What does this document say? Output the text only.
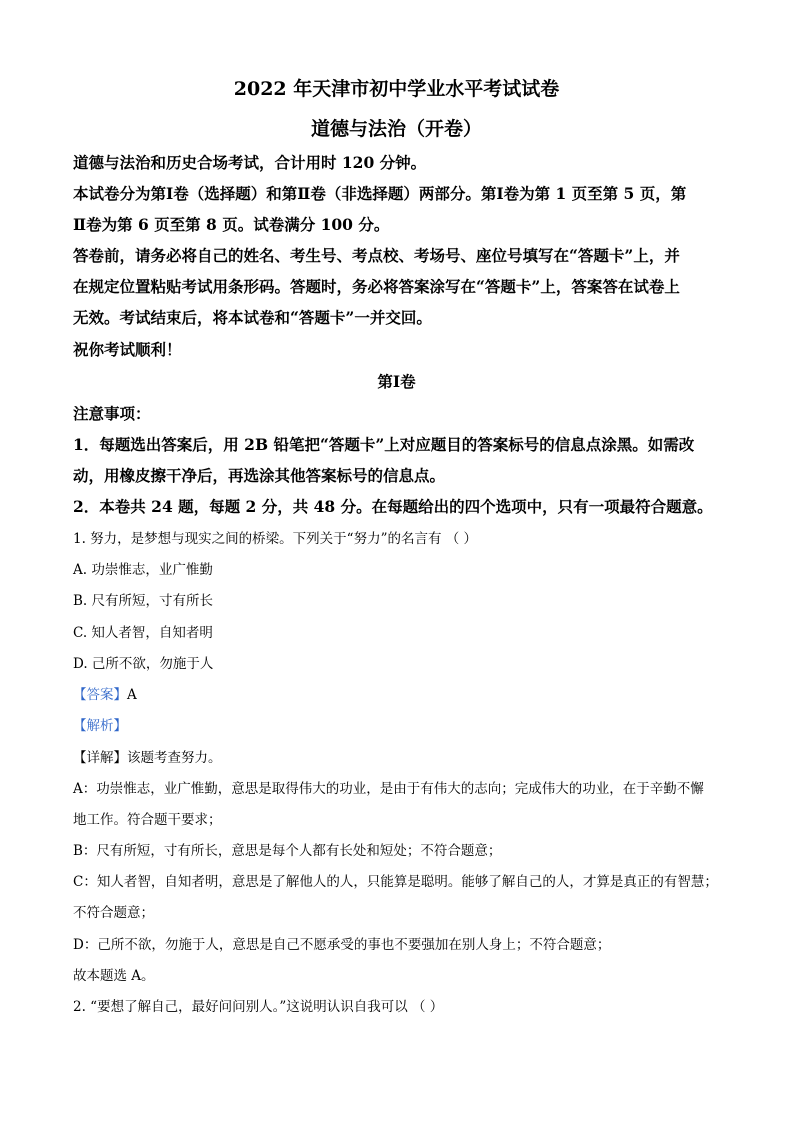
2022 年天津市初中学业水平考试试卷
道德与法治（开卷）
道德与法治和历史合场考试，合计用时 120 分钟。
本试卷分为第Ⅰ卷（选择题）和第Ⅱ卷（非选择题）两部分。第Ⅰ卷为第 1 页至第 5 页，第
Ⅱ卷为第 6 页至第 8 页。试卷满分 100 分。
答卷前，请务必将自己的姓名、考生号、考点校、考场号、座位号填写在“答题卡”上，并
在规定位置粘贴考试用条形码。答题时，务必将答案涂写在“答题卡”上，答案答在试卷上
无效。考试结束后，将本试卷和“答题卡”一并交回。
祝你考试顺利！
第Ⅰ卷
注意事项：
1．每题选出答案后，用 2B 铅笔把“答题卡”上对应题目的答案标号的信息点涂黑。如需改
动，用橡皮擦干净后，再选涂其他答案标号的信息点。
2．本卷共 24 题，每题 2 分，共 48 分。在每题给出的四个选项中，只有一项最符合题意。
1. 努力，是梦想与现实之间的桥梁。下列关于“努力”的名言有 （ ）
A. 功崇惟志，业广惟勤
B. 尺有所短，寸有所长
C. 知人者智，自知者明
D. 己所不欲，勿施于人
【答案】A
【解析】
【详解】该题考查努力。
A：功崇惟志，业广惟勤，意思是取得伟大的功业，是由于有伟大的志向；完成伟大的功业，在于辛勤不懈
地工作。符合题干要求；
B：尺有所短，寸有所长，意思是每个人都有长处和短处；不符合题意；
C：知人者智，自知者明，意思是了解他人的人，只能算是聪明。能够了解自己的人，才算是真正的有智慧；
不符合题意；
D：己所不欲，勿施于人，意思是自己不愿承受的事也不要强加在别人身上；不符合题意；
故本题选 A。
2. “要想了解自己，最好问问别人。”这说明认识自我可以 （ ）
